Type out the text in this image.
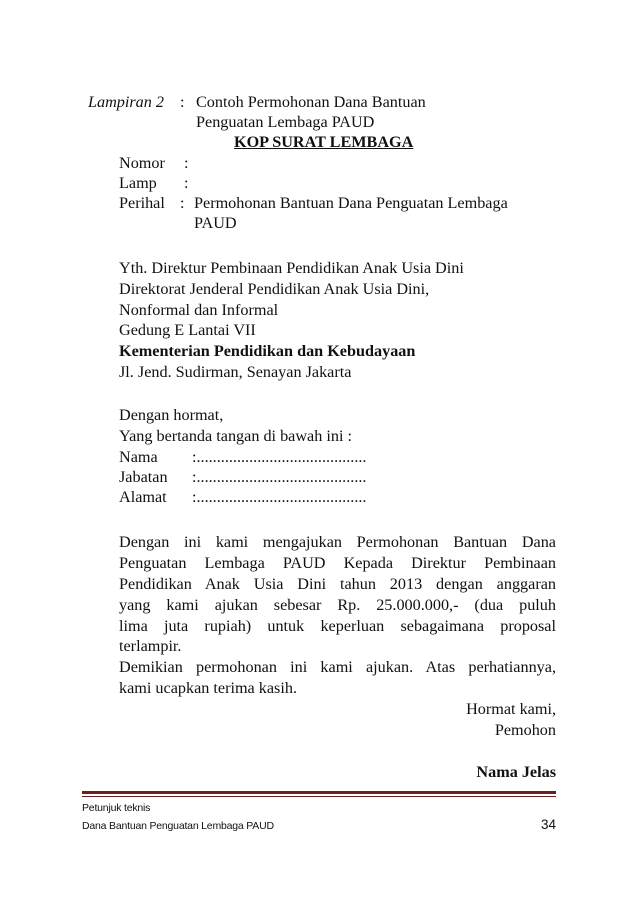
Lampiran 2 : Contoh Permohonan Dana Bantuan
Penguatan Lembaga PAUD
KOP SURAT LEMBAGA
Nomor :
Lamp :
Perihal : Permohonan Bantuan Dana Penguatan Lembaga
PAUD
Yth. Direktur Pembinaan Pendidikan Anak Usia Dini
Direktorat Jenderal Pendidikan Anak Usia Dini,
Nonformal dan Informal
Gedung E Lantai VII
Kementerian Pendidikan dan Kebudayaan
Jl. Jend. Sudirman, Senayan Jakarta
Dengan hormat,
Yang bertanda tangan di bawah ini :
Nama :..........................................
Jabatan :..........................................
Alamat :..........................................
Dengan ini kami mengajukan Permohonan Bantuan Dana
Penguatan Lembaga PAUD Kepada Direktur Pembinaan
Pendidikan Anak Usia Dini tahun 2013 dengan anggaran
yang kami ajukan sebesar Rp. 25.000.000,- (dua puluh
lima juta rupiah) untuk keperluan sebagaimana proposal
terlampir.
Demikian permohonan ini kami ajukan. Atas perhatiannya,
kami ucapkan terima kasih.
Hormat kami,
Pemohon
Nama Jelas
Petunjuk teknis
Dana Bantuan Penguatan Lembaga PAUD	34
